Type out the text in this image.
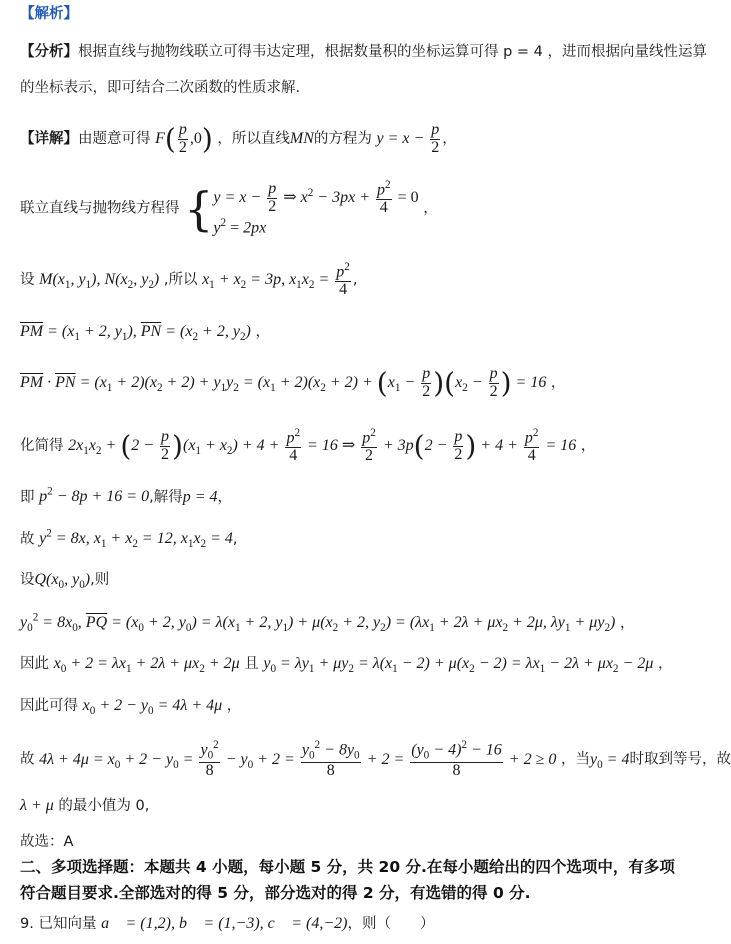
【解析】
【分析】根据直线与抛物线联立可得韦达定理，根据数量积的坐标运算可得 p = 4 ，进而根据向量线性运算
的坐标表示，即可结合二次函数的性质求解.
【详解】由题意可得 $F( \frac{p}{2} ,0)$ ，所以直线MN的方程为 $y = x - \frac{p}{2}$ ，
联立直线与抛物线方程得 { $y = x - \frac{p}{2}$ ⇒ $x^2 - 3px + \frac{p^2}{4} = 0$
$y^2 = 2px$
，
设 $M(x_1$, $y_1$), $N(x_2$, $y_2$) ,所以 $x_1 + x_2 = 3p$, $x_1x_2 = \frac{p^2}{4}$ ,
$\overline{PM} = (x_1 + 2$, $y_1$), $\overline{PN} = (x_2 + 2$, $y_2$) ，
$\overline{PM} \cdot \overline{PN} = (x_1 + 2)(x_2 + 2) + y_1y_2 = (x_1 + 2)(x_2 + 2) + (x_1 - \frac{p}{2} )(x_2 - \frac{p}{2}$ ) = 16 ，
化简得 $2x_1x_2 + (2 - \frac{p}{2} )(x_1 + x_2) + 4 + \frac{p^2}{4} = 16$ ⇒ $\frac{p^2}{2} + 3p(2 - \frac{p}{2}$ ) + $4 + \frac{p^2}{4} = 16$ ，
即 $p^2 - 8p + 16 = 0$,解得p = 4，
故 $y^2 = 8x$, $x_1 + x_2 = 12$, $x_1x_2 = 4$,
设$Q(x_0$, $y_0$),则
$y_0^2 = 8x_0$, $\overline{PQ} = (x_0 + 2$, $y_0) = \lambda(x_1 + 2$, $y_1) + \mu(x_2 + 2$, $y_2) = (\lambda x_1 + 2\lambda + \mu x_2 + 2\mu$, $\lambda y_1 + \mu y_2$) ，
因此 $x_0 + 2 = \lambda x_1 + 2\lambda + \mu x_2 + 2\mu$ 且 $y_0 = \lambda y_1 + \mu y_2 = \lambda(x_1 - 2) + \mu(x_2 - 2) = \lambda x_1 - 2\lambda + \mu x_2 - 2\mu$ ，
因此可得 $x_0 + 2 - y_0 = 4\lambda + 4\mu$ ，
故 $4\lambda + 4\mu = x_0 + 2 - y_0 = \frac{y_0^2}{8} - y_0 + 2 = \frac{y_0^2 - 8y_0}{8} + 2 = \frac{(y_0 - 4)^2 - 16}{8} + 2 \ge 0$ ，当$y_0 = 4$时取到等号，故
λ + μ 的最小值为 0,
故选：A
二、多项选择题：本题共 4 小题，每小题 5 分，共 20 分.在每小题给出的四个选项中，有多项
符合题目要求.全部选对的得 5 分，部分选对的得 2 分，有选错的得 0 分.
9. 已知向量 a⃗ = (1,2), b⃗ = (1,−3), c⃗ = (4,−2)，则（　　）
